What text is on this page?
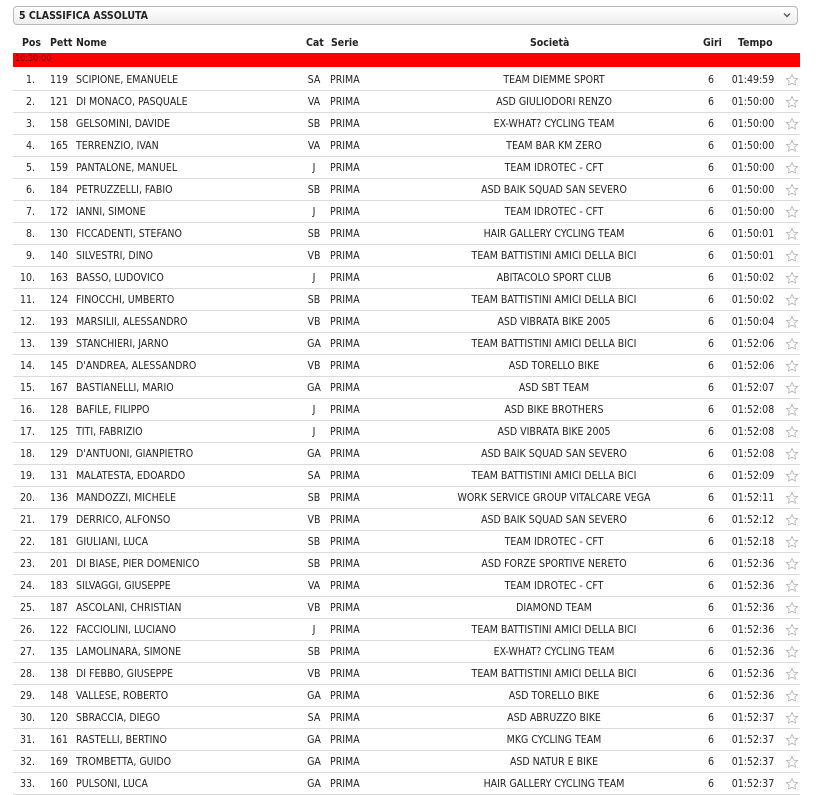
5 CLASSIFICA ASSOLUTA
Pos Pett Nome	Cat Serie	Società	Giri Tempo
10:30:00
1.	119 SCIPIONE, EMANUELE	SA PRIMA	TEAM DIEMME SPORT	6	01:49:59
2.	121 DI MONACO, PASQUALE	VA PRIMA	ASD GIULIODORI RENZO	6	01:50:00
3.	158 GELSOMINI, DAVIDE	SB PRIMA	EX-WHAT? CYCLING TEAM	6	01:50:00
4.	165 TERRENZIO, IVAN	VA PRIMA	TEAM BAR KM ZERO	6	01:50:00
5.	159 PANTALONE, MANUEL	J	PRIMA	TEAM IDROTEC - CFT	6	01:50:00
6.	184 PETRUZZELLI, FABIO	SB PRIMA	ASD BAIK SQUAD SAN SEVERO	6	01:50:00
7.	172 IANNI, SIMONE	J	PRIMA	TEAM IDROTEC - CFT	6	01:50:00
8.	130 FICCADENTI, STEFANO	SB PRIMA	HAIR GALLERY CYCLING TEAM	6	01:50:01
9.	140 SILVESTRI, DINO	VB PRIMA	TEAM BATTISTINI AMICI DELLA BICI	6	01:50:01
10.	163 BASSO, LUDOVICO	J	PRIMA	ABITACOLO SPORT CLUB	6	01:50:02
11.	124 FINOCCHI, UMBERTO	SB PRIMA	TEAM BATTISTINI AMICI DELLA BICI	6	01:50:02
12.	193 MARSILII, ALESSANDRO	VB PRIMA	ASD VIBRATA BIKE 2005	6	01:50:04
13.	139 STANCHIERI, JARNO	GA PRIMA	TEAM BATTISTINI AMICI DELLA BICI	6	01:52:06
14.	145 D'ANDREA, ALESSANDRO	VB PRIMA	ASD TORELLO BIKE	6	01:52:06
15.	167 BASTIANELLI, MARIO	GA PRIMA	ASD SBT TEAM	6	01:52:07
16.	128 BAFILE, FILIPPO	J	PRIMA	ASD BIKE BROTHERS	6	01:52:08
17.	125 TITI, FABRIZIO	J	PRIMA	ASD VIBRATA BIKE 2005	6	01:52:08
18.	129 D'ANTUONI, GIANPIETRO	GA PRIMA	ASD BAIK SQUAD SAN SEVERO	6	01:52:08
19.	131 MALATESTA, EDOARDO	SA PRIMA	TEAM BATTISTINI AMICI DELLA BICI	6	01:52:09
20.	136 MANDOZZI, MICHELE	SB PRIMA	WORK SERVICE GROUP VITALCARE VEGA	6	01:52:11
21.	179 DERRICO, ALFONSO	VB PRIMA	ASD BAIK SQUAD SAN SEVERO	6	01:52:12
22.	181 GIULIANI, LUCA	SB PRIMA	TEAM IDROTEC - CFT	6	01:52:18
23.	201 DI BIASE, PIER DOMENICO	SB PRIMA	ASD FORZE SPORTIVE NERETO	6	01:52:36
24.	183 SILVAGGI, GIUSEPPE	VA PRIMA	TEAM IDROTEC - CFT	6	01:52:36
25.	187 ASCOLANI, CHRISTIAN	VB PRIMA	DIAMOND TEAM	6	01:52:36
26.	122 FACCIOLINI, LUCIANO	J	PRIMA	TEAM BATTISTINI AMICI DELLA BICI	6	01:52:36
27.	135 LAMOLINARA, SIMONE	SB PRIMA	EX-WHAT? CYCLING TEAM	6	01:52:36
28.	138 DI FEBBO, GIUSEPPE	VB PRIMA	TEAM BATTISTINI AMICI DELLA BICI	6	01:52:36
29.	148 VALLESE, ROBERTO	GA PRIMA	ASD TORELLO BIKE	6	01:52:36
30.	120 SBRACCIA, DIEGO	SA PRIMA	ASD ABRUZZO BIKE	6	01:52:37
31.	161 RASTELLI, BERTINO	GA PRIMA	MKG CYCLING TEAM	6	01:52:37
32.	169 TROMBETTA, GUIDO	GA PRIMA	ASD NATUR E BIKE	6	01:52:37
33.	160 PULSONI, LUCA	GA PRIMA	HAIR GALLERY CYCLING TEAM	6	01:52:37
